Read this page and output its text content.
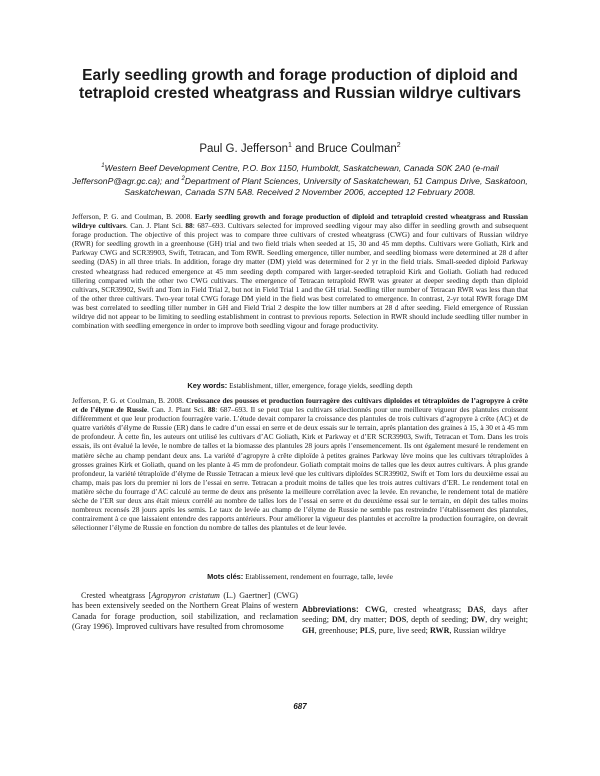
Early seedling growth and forage production of diploid and tetraploid crested wheatgrass and Russian wildrye cultivars
Paul G. Jefferson$^1$ and Bruce Coulman$^2$
$^1$Western Beef Development Centre, P.O. Box 1150, Humboldt, Saskatchewan, Canada S0K 2A0 (e-mail JeffersonP@agr.gc.ca); and $^2$Department of Plant Sciences, University of Saskatchewan, 51 Campus Drive, Saskatoon, Saskatchewan, Canada S7N 5A8. Received 2 November 2006, accepted 12 February 2008.
Jefferson, P. G. and Coulman, B. 2008. Early seedling growth and forage production of diploid and tetraploid crested wheatgrass and Russian wildrye cultivars. Can. J. Plant Sci. 88: 687–693. Cultivars selected for improved seedling vigour may also differ in seedling growth and subsequent forage production. The objective of this project was to compare three cultivars of crested wheatgrass (CWG) and four cultivars of Russian wildrye (RWR) for seedling growth in a greenhouse (GH) trial and two field trials when seeded at 15, 30 and 45 mm depths. Cultivars were Goliath, Kirk and Parkway CWG and SCR39903, Swift, Tetracan, and Tom RWR. Seedling emergence, tiller number, and seedling biomass were determined at 28 d after seeding (DAS) in all three trials. In addition, forage dry matter (DM) yield was determined for 2 yr in the field trials. Small-seeded diploid Parkway crested wheatgrass had reduced emergence at 45 mm seeding depth compared with larger-seeded tetraploid Kirk and Goliath. Goliath had reduced tillering compared with the other two CWG cultivars. The emergence of Tetracan tetraploid RWR was greater at deeper seeding depth than diploid cultivars, SCR39902, Swift and Tom in Field Trial 2, but not in Field Trial 1 and the GH trial. Seedling tiller number of Tetracan RWR was less than that of the other three cultivars. Two-year total CWG forage DM yield in the field was best correlated to emergence. In contrast, 2-yr total RWR forage DM was best correlated to seedling tiller number in GH and Field Trial 2 despite the low tiller numbers at 28 d after seeding. Field emergence of Russian wildrye did not appear to be limiting to seedling establishment in contrast to previous reports. Selection in RWR should include seedling tiller number in combination with seedling emergence in order to improve both seedling vigour and forage productivity.
Key words: Establishment, tiller, emergence, forage yields, seedling depth
Jefferson, P. G. et Coulman, B. 2008. Croissance des pousses et production fourragère des cultivars diploïdes et tétraploïdes de l’agropyre à crête et de l’élyme de Russie. Can. J. Plant Sci. 88: 687–693. Il se peut que les cultivars sélectionnés pour une meilleure vigueur des plantules croissent différemment et que leur production fourragère varie. L’étude devait comparer la croissance des plantules de trois cultivars d’agropyre à crête (AC) et de quatre variétés d’élyme de Russie (ER) dans le cadre d’un essai en serre et de deux essais sur le terrain, après plantation des graines à 15, à 30 et à 45 mm de profondeur. À cette fin, les auteurs ont utilisé les cultivars d’AC Goliath, Kirk et Parkway et d’ER SCR39903, Swift, Tetracan et Tom. Dans les trois essais, ils ont évalué la levée, le nombre de talles et la biomasse des plantules 28 jours après l’ensemencement. Ils ont également mesuré le rendement en matière sèche au champ pendant deux ans. La variété d’agropyre à crête diploïde à petites graines Parkway lève moins que les cultivars tétraploïdes à grosses graines Kirk et Goliath, quand on les plante à 45 mm de profondeur. Goliath comptait moins de talles que les deux autres cultivars. À plus grande profondeur, la variété tétraploïde d’élyme de Russie Tetracan a mieux levé que les cultivars diploïdes SCR39902, Swift et Tom lors du deuxième essai au champ, mais pas lors du premier ni lors de l’essai en serre. Tetracan a produit moins de talles que les trois autres cultivars d’ER. Le rendement total en matière sèche du fourrage d’AC calculé au terme de deux ans présente la meilleure corrélation avec la levée. En revanche, le rendement total de matière sèche de l’ER sur deux ans était mieux corrélé au nombre de talles lors de l’essai en serre et du deuxième essai sur le terrain, en dépit des talles moins nombreux recensés 28 jours après les semis. Le taux de levée au champ de l’élyme de Russie ne semble pas restreindre l’établissement des plantules, contrairement à ce que laissaient entendre des rapports antérieurs. Pour améliorer la vigueur des plantules et accroître la production fourragère, on devrait sélectionner l’élyme de Russie en fonction du nombre de talles des plantules et de leur levée.
Mots clés: Etablissement, rendement en fourrage, talle, levée
Crested wheatgrass [Agropyron cristatum (L.) Gaertner] (CWG) has been extensively seeded on the Northern Great Plains of western Canada for forage production, soil stabilization, and reclamation (Gray 1996). Improved cultivars have resulted from chromosome
Abbreviations: CWG, crested wheatgrass; DAS, days after seeding; DM, dry matter; DOS, depth of seeding; DW, dry weight; GH, greenhouse; PLS, pure, live seed; RWR, Russian wildrye
687
